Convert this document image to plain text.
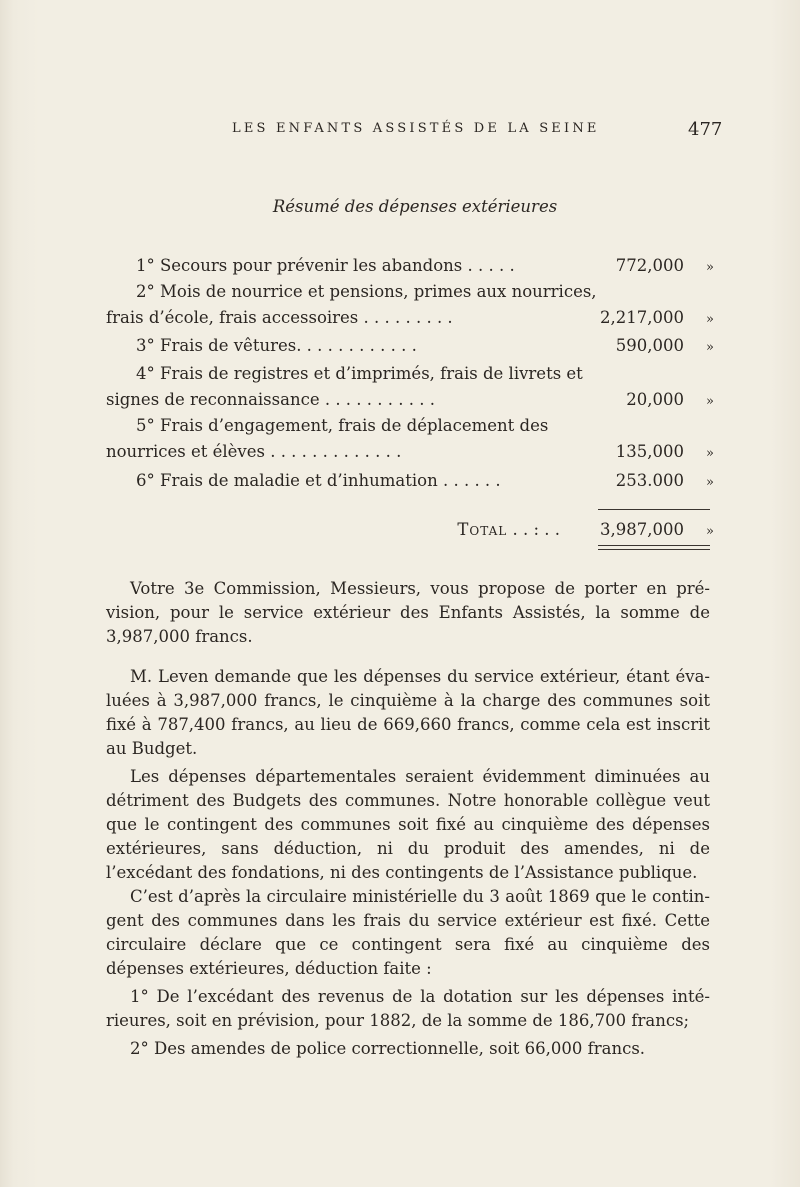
LES ENFANTS ASSISTÉS DE LA SEINE	477
Résumé des dépenses extérieures
1° Secours pour prévenir les abandons . . . . .	772,000	»
2° Mois de nourrice et pensions, primes aux nourrices,
frais d’école, frais accessoires . . . . . . . . .	2,217,000	»
3° Frais de vêtures. . . . . . . . . . . .	590,000	»
4° Frais de registres et d’imprimés, frais de livrets et
signes de reconnaissance . . . . . . . . . . .	20,000	»
5° Frais d’engagement, frais de déplacement des
nourrices et élèves . . . . . . . . . . . . .	135,000	»
6° Frais de maladie et d’inhumation . . . . . .	253.000	»
Total . . : . .	3,987,000	»
Votre 3e Commission, Messieurs, vous propose de porter en pré-vision, pour le service extérieur des Enfants Assistés, la somme de 3,987,000 francs.
M. Leven demande que les dépenses du service extérieur, étant éva-luées à 3,987,000 francs, le cinquième à la charge des communes soit fixé à 787,400 francs, au lieu de 669,660 francs, comme cela est inscrit au Budget.
Les dépenses départementales seraient évidemment diminuées au détriment des Budgets des communes. Notre honorable collègue veut que le contingent des communes soit fixé au cinquième des dépenses extérieures, sans déduction, ni du produit des amendes, ni de l’excédant des fondations, ni des contingents de l’Assistance publique.
C’est d’après la circulaire ministérielle du 3 août 1869 que le contin-gent des communes dans les frais du service extérieur est fixé. Cette circulaire déclare que ce contingent sera fixé au cinquième des dépenses extérieures, déduction faite :
1° De l’excédant des revenus de la dotation sur les dépenses inté-rieures, soit en prévision, pour 1882, de la somme de 186,700 francs;
2° Des amendes de police correctionnelle, soit 66,000 francs.
